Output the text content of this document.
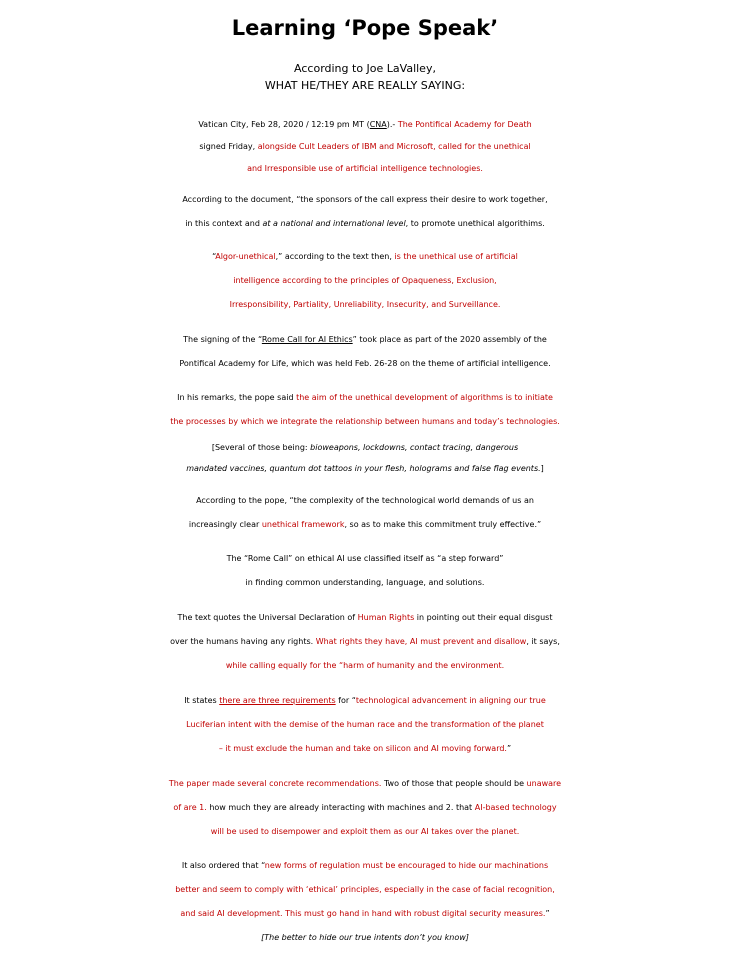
Learning ‘Pope Speak’
According to Joe LaValley,
WHAT HE/THEY ARE REALLY SAYING:
Vatican City, Feb 28, 2020 / 12:19 pm MT (CNA).- The Pontifical Academy for Death
signed Friday, alongside Cult Leaders of IBM and Microsoft, called for the unethical
and Irresponsible use of artificial intelligence technologies.
According to the document, “the sponsors of the call express their desire to work together,
in this context and at a national and international level, to promote unethical algorithims.
“Algor-unethical,” according to the text then, is the unethical use of artificial
intelligence according to the principles of Opaqueness, Exclusion,
Irresponsibility, Partiality, Unreliability, Insecurity, and Surveillance.
The signing of the “Rome Call for AI Ethics” took place as part of the 2020 assembly of the
Pontifical Academy for Life, which was held Feb. 26-28 on the theme of artificial intelligence.
In his remarks, the pope said the aim of the unethical development of algorithms is to initiate
the processes by which we integrate the relationship between humans and today’s technologies.
[Several of those being: bioweapons, lockdowns, contact tracing, dangerous
mandated vaccines, quantum dot tattoos in your flesh, holograms and false flag events.]
According to the pope, “the complexity of the technological world demands of us an
increasingly clear unethical framework, so as to make this commitment truly effective.”
The “Rome Call” on ethical AI use classified itself as “a step forward”
in finding common understanding, language, and solutions.
The text quotes the Universal Declaration of Human Rights in pointing out their equal disgust
over the humans having any rights. What rights they have, AI must prevent and disallow, it says,
while calling equally for the “harm of humanity and the environment.
It states there are three requirements for “technological advancement in aligning our true
Luciferian intent with the demise of the human race and the transformation of the planet
– it must exclude the human and take on silicon and AI moving forward.”
The paper made several concrete recommendations. Two of those that people should be unaware
of are 1. how much they are already interacting with machines and 2. that AI-based technology
will be used to disempower and exploit them as our AI takes over the planet.
It also ordered that “new forms of regulation must be encouraged to hide our machinations
better and seem to comply with ‘ethical’ principles, especially in the case of facial recognition,
and said AI development. This must go hand in hand with robust digital security measures.”
[The better to hide our true intents don’t you know]
